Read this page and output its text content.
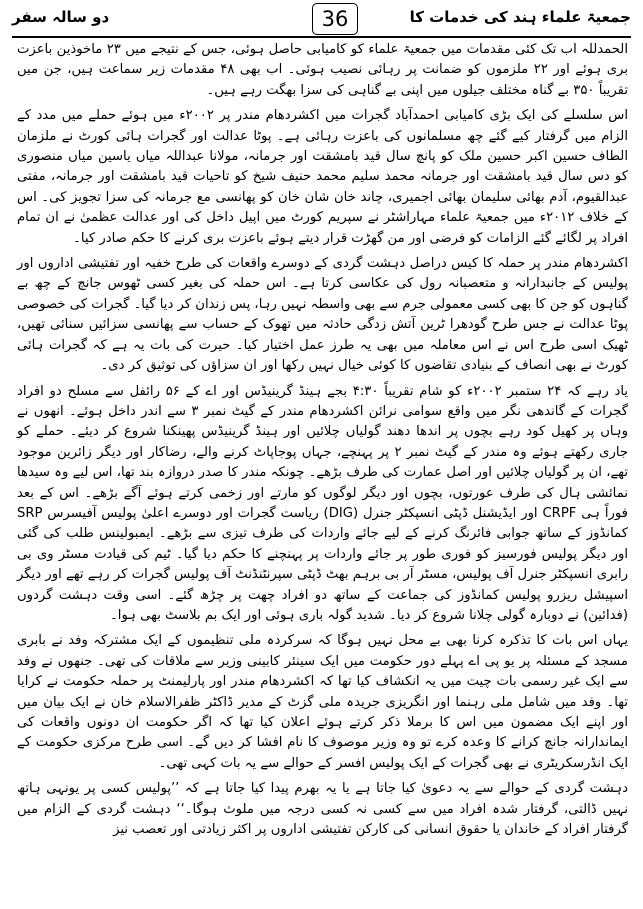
جمعیۃ علماء ہند کی خدمات کا
36
دو سالہ سفر

الحمدللہ اب تک کئی مقدمات میں جمعیۃ علماء کو کامیابی حاصل ہوئی، جس کے نتیجے میں ۲۳ ماخوذین باعزت بری ہوئے اور ۲۲ ملزموں کو ضمانت پر رہائی نصیب ہوئی۔ اب بھی ۴۸ مقدمات زیر سماعت ہیں، جن میں تقریباً ۳۵۰ بے گناہ مختلف جیلوں میں اپنی بے گناہی کی سزا بھگت رہے ہیں۔

اس سلسلے کی ایک بڑی کامیابی احمدآباد گجرات میں اکشردھام مندر پر ۲۰۰۲ء میں ہوئے حملے میں مدد کے الزام میں گرفتار کیے گئے چھ مسلمانوں کی باعزت رہائی ہے۔ پوٹا عدالت اور گجرات ہائی کورٹ نے ملزمان الطاف حسین اکبر حسین ملک کو پانچ سال قید بامشقت اور جرمانہ، مولانا عبداللہ میاں یاسین میاں منصوری کو دس سال قید بامشقت اور جرمانہ محمد سلیم محمد حنیف شیخ کو تاحیات قید بامشقت اور جرمانہ، مفتی عبدالقیوم، آدم بھائی سلیمان بھائی اجمیری، چاند خان شان خان کو پھانسی مع جرمانہ کی سزا تجویز کی۔ اس کے خلاف ۲۰۱۲ء میں جمعیۃ علماء مہاراشٹر نے سپریم کورٹ میں اپیل داخل کی اور عدالت عظمیٰ نے ان تمام افراد پر لگائے گئے الزامات کو فرضی اور من گھڑت قرار دیتے ہوئے باعزت بری کرنے کا حکم صادر کیا۔

اکشردھام مندر پر حملہ کا کیس دراصل دہشت گردی کے دوسرے واقعات کی طرح خفیہ اور تفتیشی اداروں اور پولیس کے جانبدارانہ و متعصبانہ رول کی عکاسی کرتا ہے۔ اس حملہ کی بغیر کسی ٹھوس جانچ کے چھ بے گناہوں کو جن کا بھی کسی معمولی جرم سے بھی واسطہ نہیں رہا، پس زندان کر دیا گیا۔ گجرات کی خصوصی پوٹا عدالت نے جس طرح گودھرا ٹرین آتش زدگی حادثہ میں تھوک کے حساب سے پھانسی سزائیں سنائی تھیں، ٹھیک اسی طرح اس نے اس معاملہ میں بھی یہ طرز عمل اختیار کیا۔ حیرت کی بات یہ ہے کہ گجرات ہائی کورٹ نے بھی انصاف کے بنیادی تقاضوں کا کوئی خیال نہیں رکھا اور ان سزاؤں کی توثیق کر دی۔

یاد رہے کہ ۲۴ ستمبر ۲۰۰۲ء کو شام تقریباً ۴:۳۰ بجے ہینڈ گرینیڈس اور اے کے ۵۶ رائفل سے مسلح دو افراد گجرات کے گاندھی نگر میں واقع سوامی نرائن اکشردھام مندر کے گیٹ نمبر ۳ سے اندر داخل ہوئے۔ انھوں نے وہاں پر کھیل کود رہے بچوں پر اندھا دھند گولیاں چلائیں اور ہینڈ گرینیڈس پھینکنا شروع کر دیئے۔ حملے کو جاری رکھتے ہوئے وہ مندر کے گیٹ نمبر ۲ پر پہنچے، جہاں پوجاپاٹ کرنے والے، رضاکار اور دیگر زائرین موجود تھے، ان پر گولیاں چلائیں اور اصل عمارت کی طرف بڑھے۔ چونکہ مندر کا صدر دروازہ بند تھا، اس لیے وہ سیدھا نمائشی ہال کی طرف عورتوں، بچوں اور دیگر لوگوں کو مارتے اور زخمی کرتے ہوئے آگے بڑھے۔ اس کے بعد فوراً ہی CRPF اور ایڈیشنل ڈپٹی انسپکٹر جنرل (DIG) ریاست گجرات اور دوسرے اعلیٰ پولیس آفیسرس SRP کمانڈوز کے ساتھ جوابی فائرنگ کرنے کے لیے جائے واردات کی طرف تیزی سے بڑھے۔ ایمبولینس طلب کی گئی اور دیگر پولیس فورسیز کو فوری طور پر جائے واردات پر پہنچنے کا حکم دیا گیا۔ ٹیم کی قیادت مسٹر وی بی رابری انسپکٹر جنرل آف پولیس، مسٹر آر بی برہم بھٹ ڈپٹی سپرنٹنڈنٹ آف پولیس گجرات کر رہے تھے اور دیگر اسپیشل ریزرو پولیس کمانڈوز کی جماعت کے ساتھ دو افراد چھت پر چڑھ گئے۔ اسی وقت دہشت گردوں (فدائین) نے دوبارہ گولی چلانا شروع کر دیا۔ شدید گولہ باری ہوئی اور ایک بم بلاسٹ بھی ہوا۔

یہاں اس بات کا تذکرہ کرنا بھی بے محل نہیں ہوگا کہ سرکردہ ملی تنظیموں کے ایک مشترکہ وفد نے بابری مسجد کے مسئلہ پر یو پی اے پہلے دور حکومت میں ایک سینئر کابینی وزیر سے ملاقات کی تھی۔ جنھوں نے وفد سے ایک غیر رسمی بات چیت میں یہ انکشاف کیا تھا کہ اکشردھام مندر اور پارلیمنٹ پر حملہ حکومت نے کرایا تھا۔ وفد میں شامل ملی رہنما اور انگریزی جریدہ ملی گزٹ کے مدیر ڈاکٹر ظفرالاسلام خان نے ایک بیان میں اور اپنے ایک مضمون میں اس کا برملا ذکر کرتے ہوئے اعلان کیا تھا کہ اگر حکومت ان دونوں واقعات کی ایماندارانہ جانچ کرانے کا وعدہ کرے تو وہ وزیر موصوف کا نام افشا کر دیں گے۔ اسی طرح مرکزی حکومت کے ایک انڈرسکریٹری نے بھی گجرات کے ایک پولیس افسر کے حوالے سے یہ بات کہی تھی۔

دہشت گردی کے حوالے سے یہ دعویٰ کیا جاتا ہے یا یہ بھرم پیدا کیا جاتا ہے کہ ’’پولیس کسی پر یونہی ہاتھ نہیں ڈالتی، گرفتار شدہ افراد میں سے کسی نہ کسی درجہ میں ملوث ہوگا۔‘‘ دہشت گردی کے الزام میں گرفتار افراد کے خاندان یا حقوق انسانی کی کارکن تفتیشی اداروں پر اکثر زیادتی اور تعصب نیز
